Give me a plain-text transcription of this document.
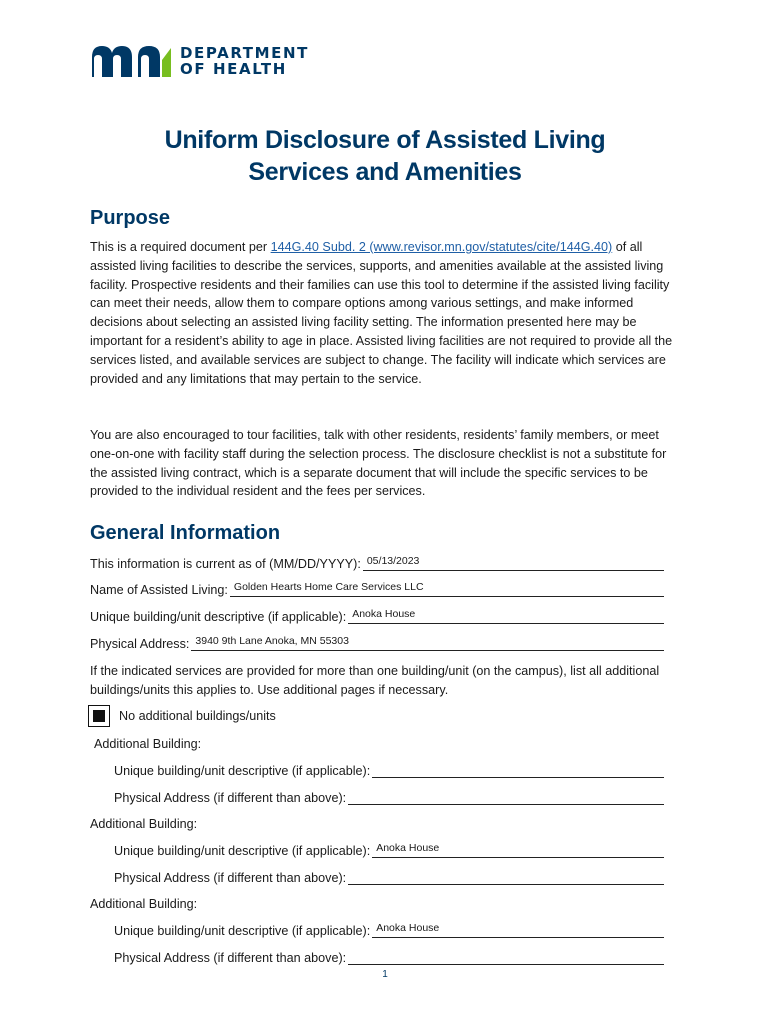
DEPARTMENT
OF HEALTH
Uniform Disclosure of Assisted Living
Services and Amenities
Purpose

This is a required document per 144G.40 Subd. 2 (www.revisor.mn.gov/statutes/cite/144G.40) of all assisted living facilities to describe the services, supports, and amenities available at the assisted living facility. Prospective residents and their families can use this tool to determine if the assisted living facility can meet their needs, allow them to compare options among various settings, and make informed decisions about selecting an assisted living facility setting. The information presented here may be important for a resident’s ability to age in place. Assisted living facilities are not required to provide all the services listed, and available services are subject to change. The facility will indicate which services are provided and any limitations that may pertain to the service.

You are also encouraged to tour facilities, talk with other residents, residents’ family members, or meet one-on-one with facility staff during the selection process. The disclosure checklist is not a substitute for the assisted living contract, which is a separate document that will include the specific services to be provided to the individual resident and the fees per services.

General Information
This information is current as of (MM/DD/YYYY): 05/13/2023
Name of Assisted Living: Golden Hearts Home Care Services LLC
Unique building/unit descriptive (if applicable): Anoka House
Physical Address: 3940 9th Lane Anoka, MN 55303

If the indicated services are provided for more than one building/unit (on the campus), list all additional buildings/units this applies to. Use additional pages if necessary.

No additional buildings/units
Additional Building:
Unique building/unit descriptive (if applicable):
Physical Address (if different than above):
Additional Building:
Unique building/unit descriptive (if applicable): Anoka House
Physical Address (if different than above):
Additional Building:
Unique building/unit descriptive (if applicable): Anoka House
Physical Address (if different than above):
1
